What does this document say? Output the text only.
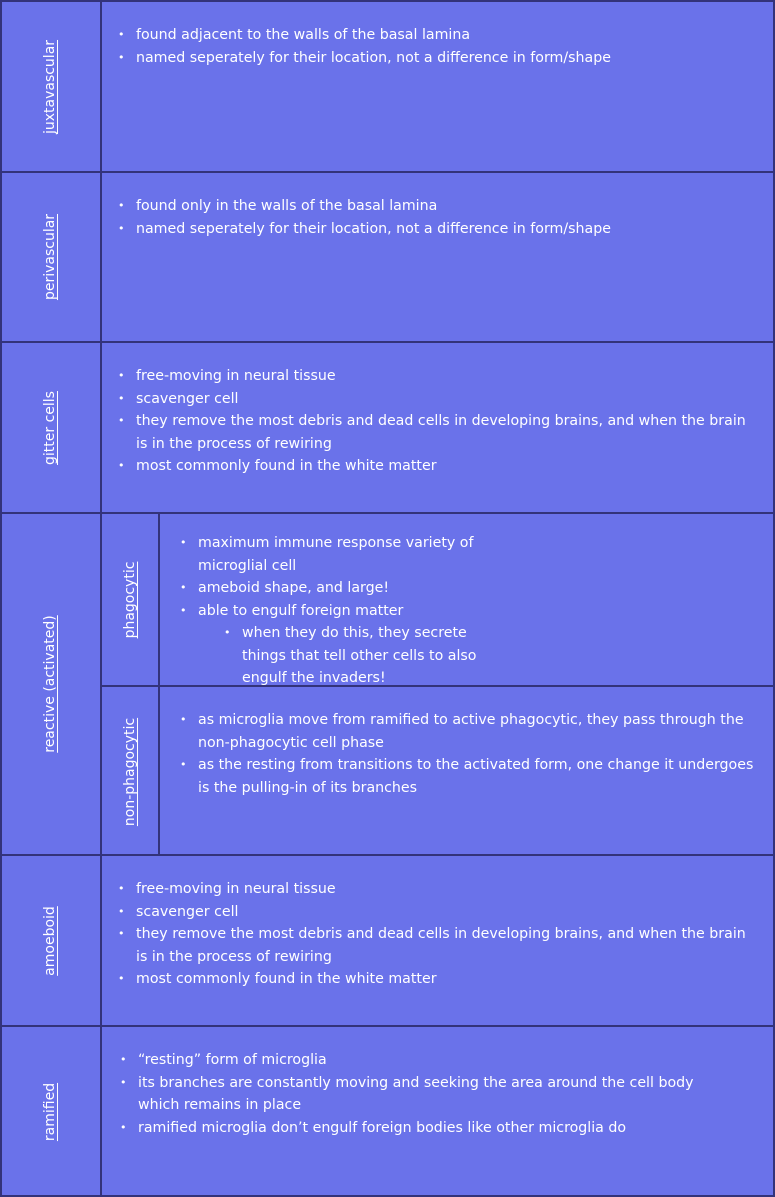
juxtavascular
• found adjacent to the walls of the basal lamina
• named seperately for their location, not a difference in form/shape
perivascular
• found only in the walls of the basal lamina
• named seperately for their location, not a difference in form/shape
gitter cells
• free-moving in neural tissue
• scavenger cell
• they remove the most debris and dead cells in developing brains, and when the brain is in the process of rewiring
• most commonly found in the white matter
reactive (activated)
phagocytic
• maximum immune response variety of microglial cell
• ameboid shape, and large!
• able to engulf foreign matter
• when they do this, they secrete things that tell other cells to also engulf the invaders!
non-phagocytic
•	as microglia move from ramified to active phagocytic, they pass through the non-phagocytic cell phase
• as the resting from transitions to the activated form, one change it undergoes is the pulling-in of its branches
amoeboid
• free-moving in neural tissue
• scavenger cell
• they remove the most debris and dead cells in developing brains, and when the brain is in the process of rewiring
• most commonly found in the white matter
ramified
• “resting” form of microglia
• its branches are constantly moving and seeking the area around the cell body which remains in place
• ramified microglia don’t engulf foreign bodies like other microglia do
